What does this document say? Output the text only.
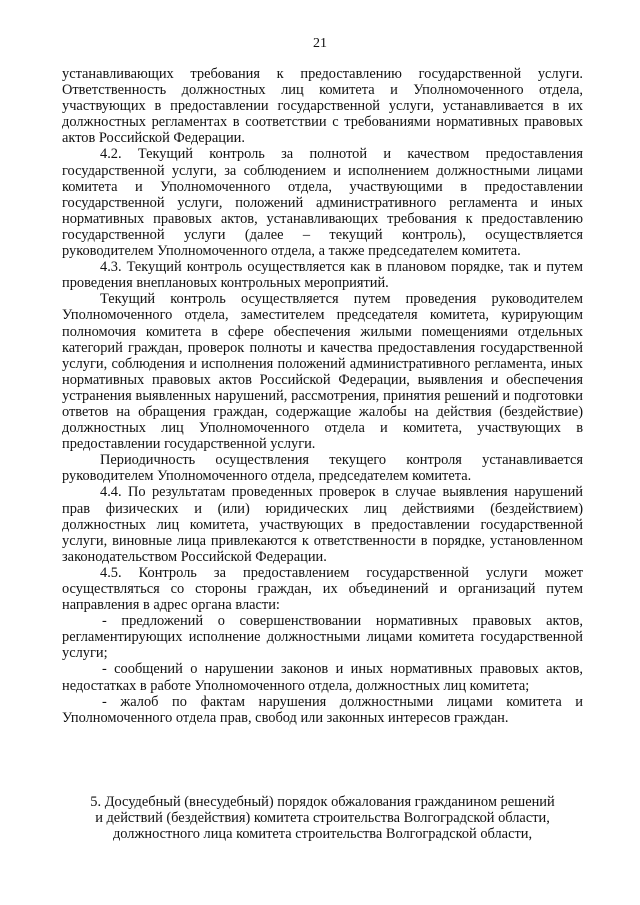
21

устанавливающих требования к предоставлению государственной услуги. Ответственность должностных лиц комитета и Уполномоченного отдела, участвующих в предоставлении государственной услуги, устанавливается в их должностных регламентах в соответствии с требованиями нормативных правовых актов Российской Федерации.

4.2. Текущий контроль за полнотой и качеством предоставления государственной услуги, за соблюдением и исполнением должностными лицами комитета и Уполномоченного отдела, участвующими в предоставлении государственной услуги, положений административного регламента и иных нормативных правовых актов, устанавливающих требования к предоставлению государственной услуги (далее – текущий контроль), осуществляется руководителем Уполномоченного отдела, а также председателем комитета.

4.3. Текущий контроль осуществляется как в плановом порядке, так и путем проведения внеплановых контрольных мероприятий.

Текущий контроль осуществляется путем проведения руководителем Уполномоченного отдела, заместителем председателя комитета, курирующим полномочия комитета в сфере обеспечения жилыми помещениями отдельных категорий граждан, проверок полноты и качества предоставления государственной услуги, соблюдения и исполнения положений административного регламента, иных нормативных правовых актов Российской Федерации, выявления и обеспечения устранения выявленных нарушений, рассмотрения, принятия решений и подготовки ответов на обращения граждан, содержащие жалобы на действия (бездействие) должностных лиц Уполномоченного отдела и комитета, участвующих в предоставлении государственной услуги.

Периодичность осуществления текущего контроля устанавливается руководителем Уполномоченного отдела, председателем комитета.

4.4. По результатам проведенных проверок в случае выявления нарушений прав физических и (или) юридических лиц действиями (бездействием) должностных лиц комитета, участвующих в предоставлении государственной услуги, виновные лица привлекаются к ответственности в порядке, установленном законодательством Российской Федерации.

4.5. Контроль за предоставлением государственной услуги может осуществляться со стороны граждан, их объединений и организаций путем направления в адрес органа власти:

- предложений о совершенствовании нормативных правовых актов, регламентирующих исполнение должностными лицами комитета государственной услуги;

- сообщений о нарушении законов и иных нормативных правовых актов, недостатках в работе Уполномоченного отдела, должностных лиц комитета;

- жалоб по фактам нарушения должностными лицами комитета и Уполномоченного отдела прав, свобод или законных интересов граждан.

5. Досудебный (внесудебный) порядок обжалования гражданином решений
и действий (бездействия) комитета строительства Волгоградской области,
должностного лица комитета строительства Волгоградской области,
